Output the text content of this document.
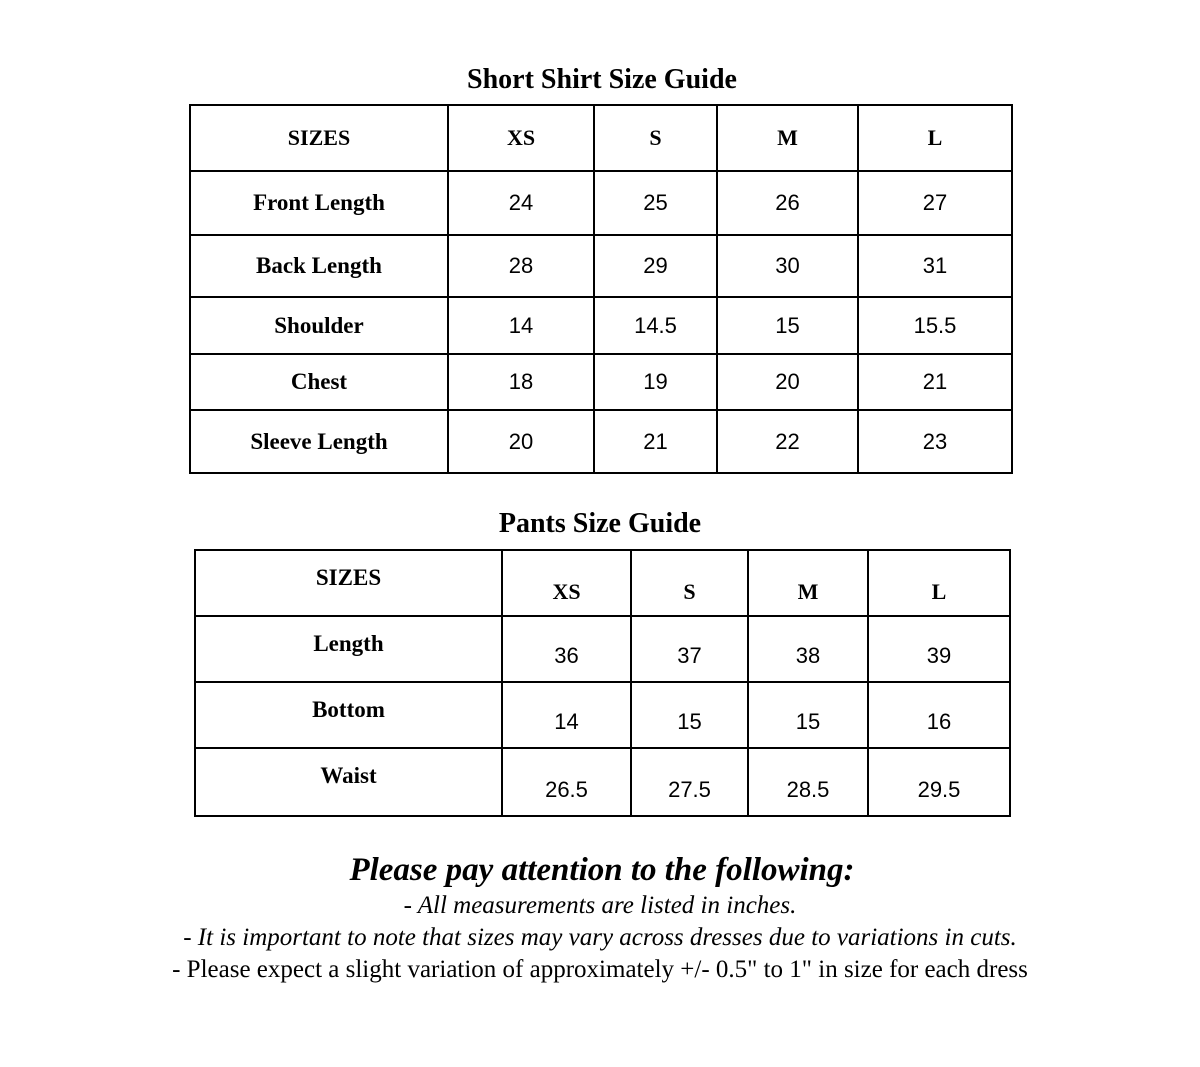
Short Shirt Size Guide
SIZES	XS	S	M	L
Front Length	24	25	26	27
Back Length	28	29	30	31
Shoulder	14	14.5	15	15.5
Chest	18	19	20	21
Sleeve Length	20	21	22	23
Pants Size Guide
SIZES	XS	S	M	L
Length	36	37	38	39
Bottom	14	15	15	16
Waist	26.5	27.5	28.5	29.5
Please pay attention to the following:
- All measurements are listed in inches.
- It is important to note that sizes may vary across dresses due to variations in cuts.
- Please expect a slight variation of approximately +/- 0.5" to 1" in size for each dress
